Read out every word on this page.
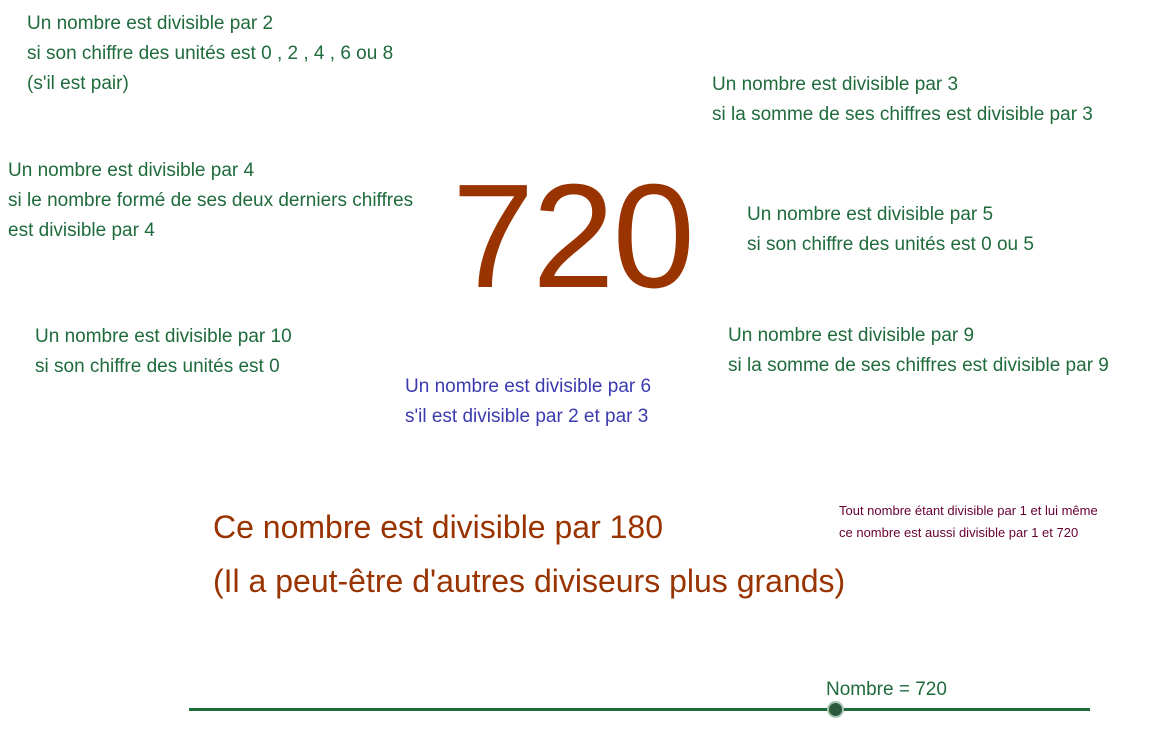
Un nombre est divisible par 2
si son chiffre des unités est 0 , 2 , 4 , 6 ou 8
(s'il est pair)	Un nombre est divisible par 3
si la somme de ses chiffres est divisible par 3
Un nombre est divisible par 4
si le nombre formé de ses deux derniers chiffres
est divisible par 4	720	Un nombre est divisible par 5
si son chiffre des unités est 0 ou 5
Un nombre est divisible par 10
si son chiffre des unités est 0
Un nombre est divisible par 9
si la somme de ses chiffres est divisible par 9
Un nombre est divisible par 6
s'il est divisible par 2 et par 3
Ce nombre est divisible par 180
(Il a peut-être d'autres diviseurs plus grands)
Tout nombre étant divisible par 1 et lui même
ce nombre est aussi divisible par 1 et 720
Nombre = 720
